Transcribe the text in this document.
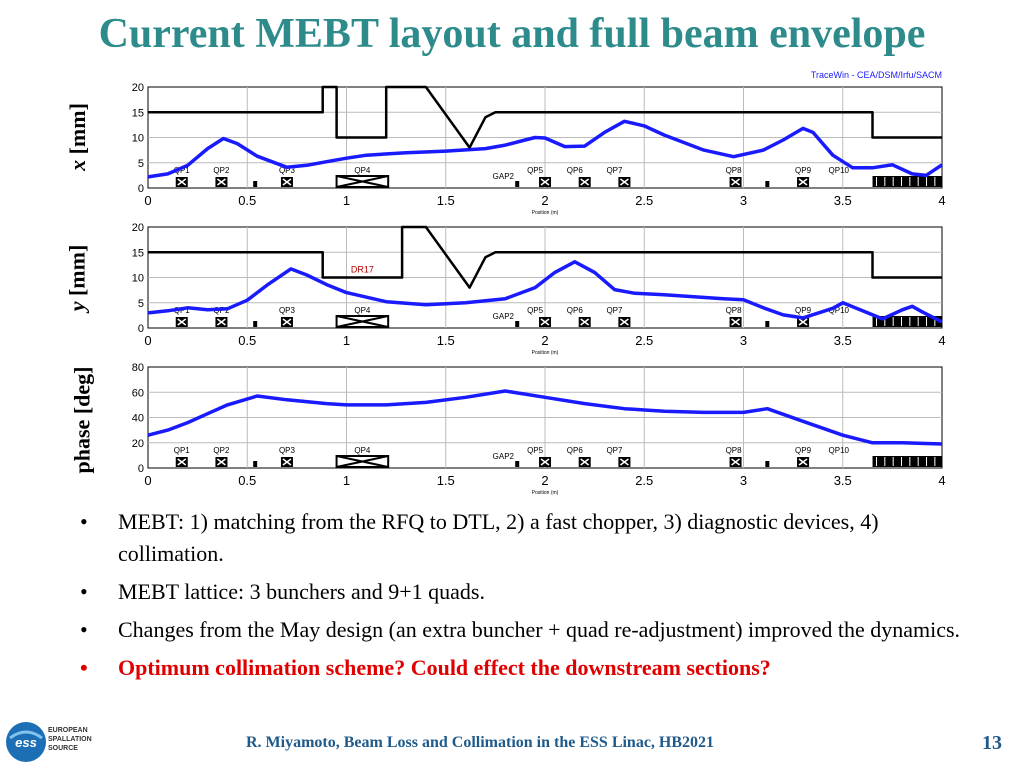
Current MEBT layout and full beam envelope
TraceWin - CEA/DSM/Irfu/SACM
0
5
10
15
20
0	0.5	1	1.5	2	2.5	3	3.5	4
Position (m)
QP1	QP2	QP3	QP4
GAP2
QP5	QP6	QP7	QP8	QP9 QP10
0
5
10
15
20
0	0.5	1	1.5	2	2.5	3	3.5	4
Position (m)
QP1	QP2	QP3	QP4
GAP2
QP5	QP6	QP7	QP8	QP9 QP10
DR17
0
20
40
60
80
0	0.5	1	1.5	2	2.5	3	3.5	4
Position (m)
QP1	QP2	QP3	QP4
GAP2
QP5	QP6	QP7	QP8	QP9 QP10
x [mm]
y [mm]
phase [deg]
• MEBT: 1) matching from the RFQ to DTL, 2) a fast chopper, 3) diagnostic devices, 4) collimation.
• MEBT lattice: 3 bunchers and 9+1 quads.
• Changes from the May design (an extra buncher + quad re-adjustment) improved the dynamics.
• Optimum collimation scheme? Could effect the downstream sections?
ess
EUROPEAN
SPALLATION
SOURCE	R. Miyamoto, Beam Loss and Collimation in the ESS Linac, HB2021	13
